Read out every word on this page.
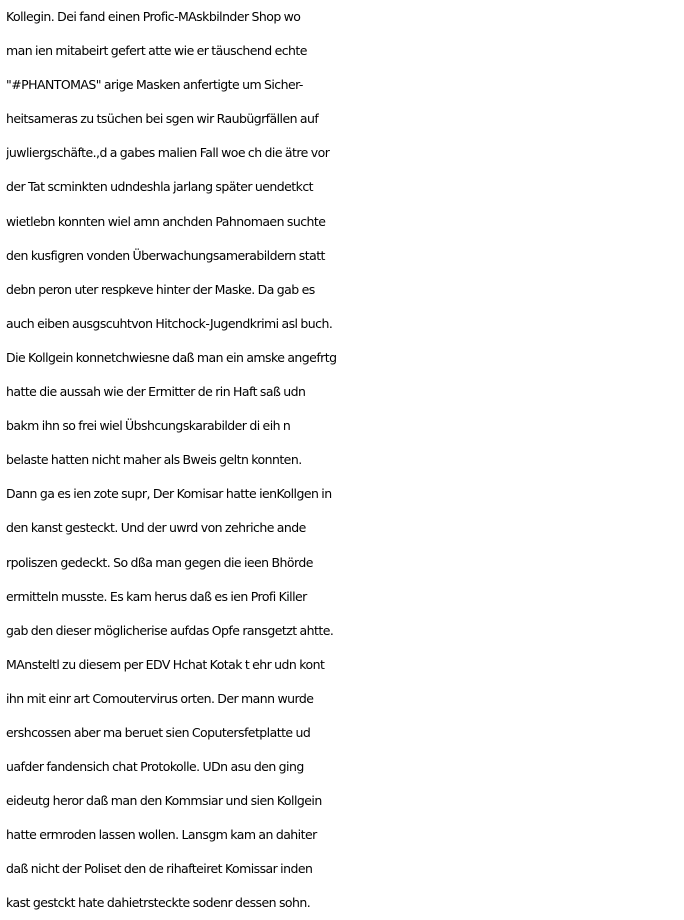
Kollegin. Dei fand einen Profic-MAskbilnder Shop wo
man ien mitabeirt gefert atte wie er täuschend echte
"#PHANTOMAS" arige Masken anfertigte um Sicher-
heitsameras zu tsüchen bei sgen wir Raubügrfällen auf
juwliergschäfte.,d a gabes malien Fall woe ch die ätre vor
der Tat scminkten udndeshla jarlang später uendetkct
wietlebn konnten wiel amn anchden Pahnomaen suchte
den kusfigren vonden Überwachungsamerabildern statt
debn peron uter respkeve hinter der Maske. Da gab es
auch eiben ausgscuhtvon Hitchock-Jugendkrimi asl buch.
Die Kollgein konnetchwiesne daß man ein amske angefrtg
hatte die aussah wie der Ermitter de rin Haft saß udn
bakm ihn so frei wiel Übshcungskarabilder di eih n
belaste hatten nicht maher als Bweis geltn konnten.
Dann ga es ien zote supr, Der Komisar hatte ienKollgen in
den kanst gesteckt. Und der uwrd von zehriche ande
rpoliszen gedeckt. So dßa man gegen die ieen Bhörde
ermitteln musste. Es kam herus daß es ien Profi Killer
gab den dieser möglicherise aufdas Opfe ransgetzt ahtte.
MAnsteltl zu diesem per EDV Hchat Kotak t ehr udn kont
ihn mit einr art Comoutervirus orten. Der mann wurde
ershcossen aber ma beruet sien Coputersfetplatte ud
uafder fandensich chat Protokolle. UDn asu den ging
eideutg heror daß man den Kommsiar und sien Kollgein
hatte ermroden lassen wollen. Lansgm kam an dahiter
daß nicht der Poliset den de rihafteiret Komissar inden
kast gestckt hate dahietrsteckte sodenr dessen sohn.
